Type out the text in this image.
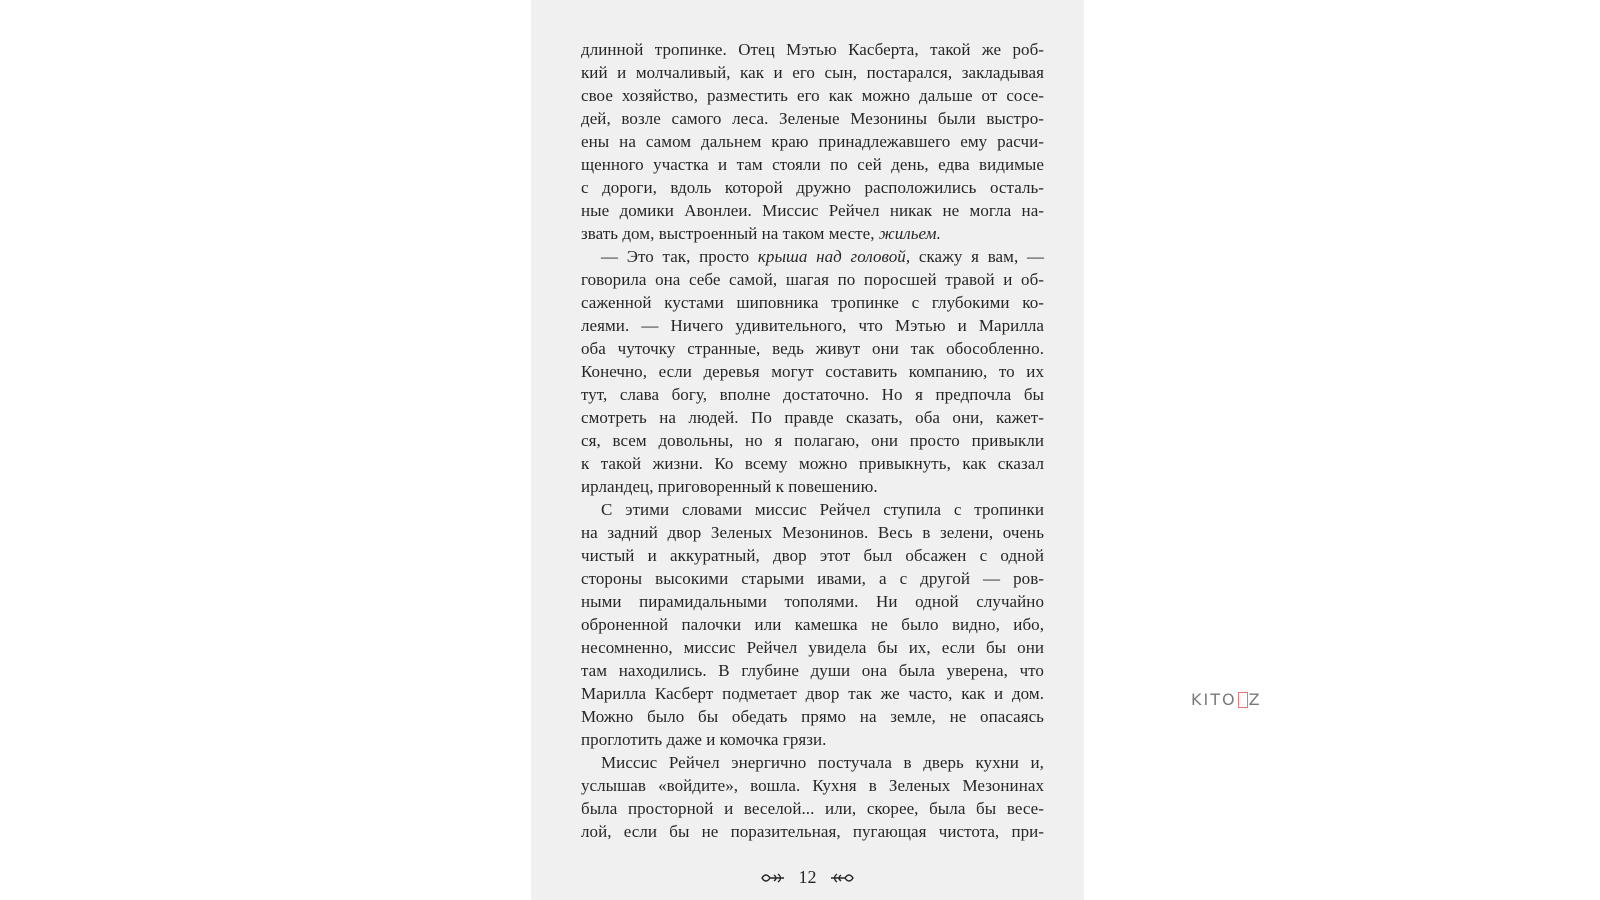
длинной тропинке. Отец Мэтью Касберта, такой же роб-
кий и молчаливый, как и его сын, постарался, закладывая
свое хозяйство, разместить его как можно дальше от сосе-
дей, возле самого леса. Зеленые Мезонины были выстро-
ены на самом дальнем краю принадлежавшего ему расчи-
щенного участка и там стояли по сей день, едва видимые
с дороги, вдоль которой дружно расположились осталь-
ные домики Авонлеи. Миссис Рейчел никак не могла на-
звать дом, выстроенный на таком месте, жильем.

— Это так, просто крыша над головой, скажу я вам, —
говорила она себе самой, шагая по поросшей травой и об-
саженной кустами шиповника тропинке с глубокими ко-
леями. — Ничего удивительного, что Мэтью и Марилла
оба чуточку странные, ведь живут они так обособленно.
Конечно, если деревья могут составить компанию, то их
тут, слава богу, вполне достаточно. Но я предпочла бы
смотреть на людей. По правде сказать, оба они, кажет-
ся, всем довольны, но я полагаю, они просто привыкли
к такой жизни. Ко всему можно привыкнуть, как сказал
ирландец, приговоренный к повешению.

С этими словами миссис Рейчел ступила с тропинки
на задний двор Зеленых Мезонинов. Весь в зелени, очень
чистый и аккуратный, двор этот был обсажен с одной
стороны высокими старыми ивами, а с другой — ров-
ными пирамидальными тополями. Ни одной случайно
оброненной палочки или камешка не было видно, ибо,
несомненно, миссис Рейчел увидела бы их, если бы они
там находились. В глубине души она была уверена, что
Марилла Касберт подметает двор так же часто, как и дом.
Можно было бы обедать прямо на земле, не опасаясь
проглотить даже и комочка грязи.

Миссис Рейчел энергично постучала в дверь кухни и,
услышав «войдите», вошла. Кухня в Зеленых Мезонинах
была просторной и веселой... или, скорее, была бы весе-
лой, если бы не поразительная, пугающая чистота, при-

12
KITO Z
